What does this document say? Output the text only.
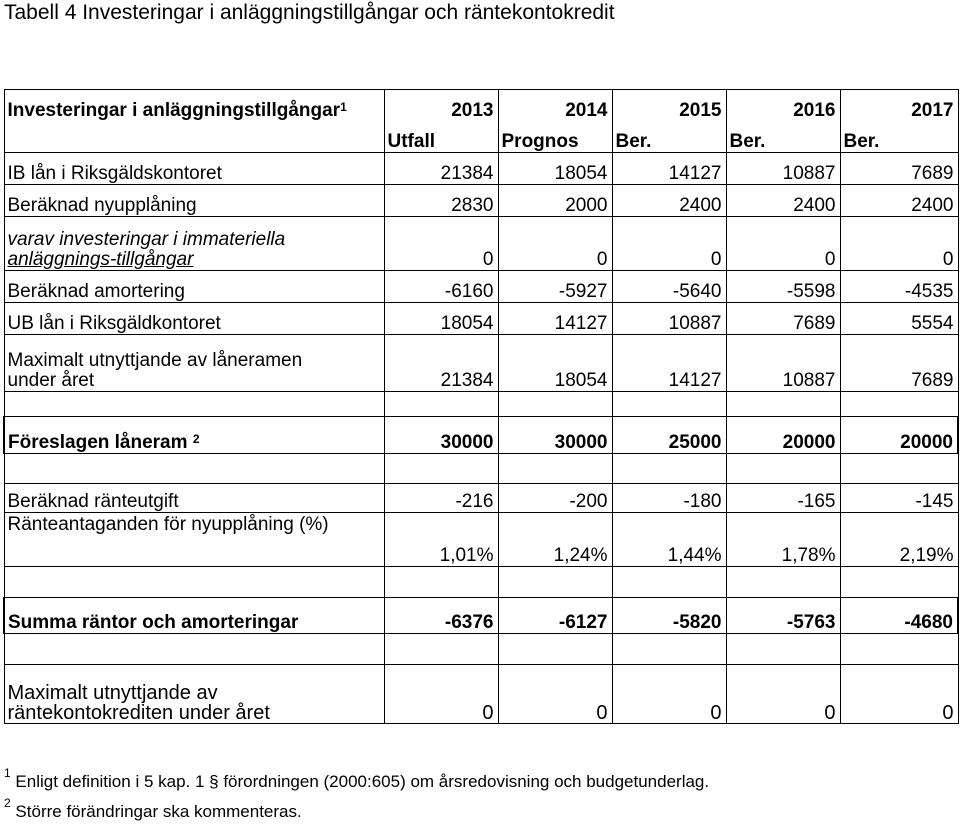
Tabell 4 Investeringar i anläggningstillgångar och räntekontokredit
Investeringar i anläggningstillgångar$^1$	2013	2014	2015	2016	2017
	Utfall	Prognos	Ber.	Ber.	Ber.
IB lån i Riksgäldskontoret	21384	18054	14127	10887	7689
Beräknad nyupplåning	2830	2000	2400	2400	2400

varav investeringar i immateriella
anläggnings-tillgångar	0	0	0	0	0
Beräknad amortering	-6160	-5927	-5640	-5598	-4535
UB lån i Riksgäldkontoret	18054	14127	10887	7689	5554

Maximalt utnyttjande av låneramen
under året	21384	18054	14127	10887	7689

Föreslagen låneram $^2$	30000	30000	25000	20000	20000

Beräknad ränteutgift	-216	-200	-180	-165	-145
Ränteantaganden för nyupplåning (%)	1,01%	1,24%	1,44%	1,78%	2,19%

Summa räntor och amorteringar	-6376	-6127	-5820	-5763	-4680

Maximalt utnyttjande av
räntekontokrediten under året	0	0	0	0	0
$^1$ Enligt definition i 5 kap. 1 § förordningen (2000:605) om årsredovisning och budgetunderlag.
$^2$ Större förändringar ska kommenteras.
